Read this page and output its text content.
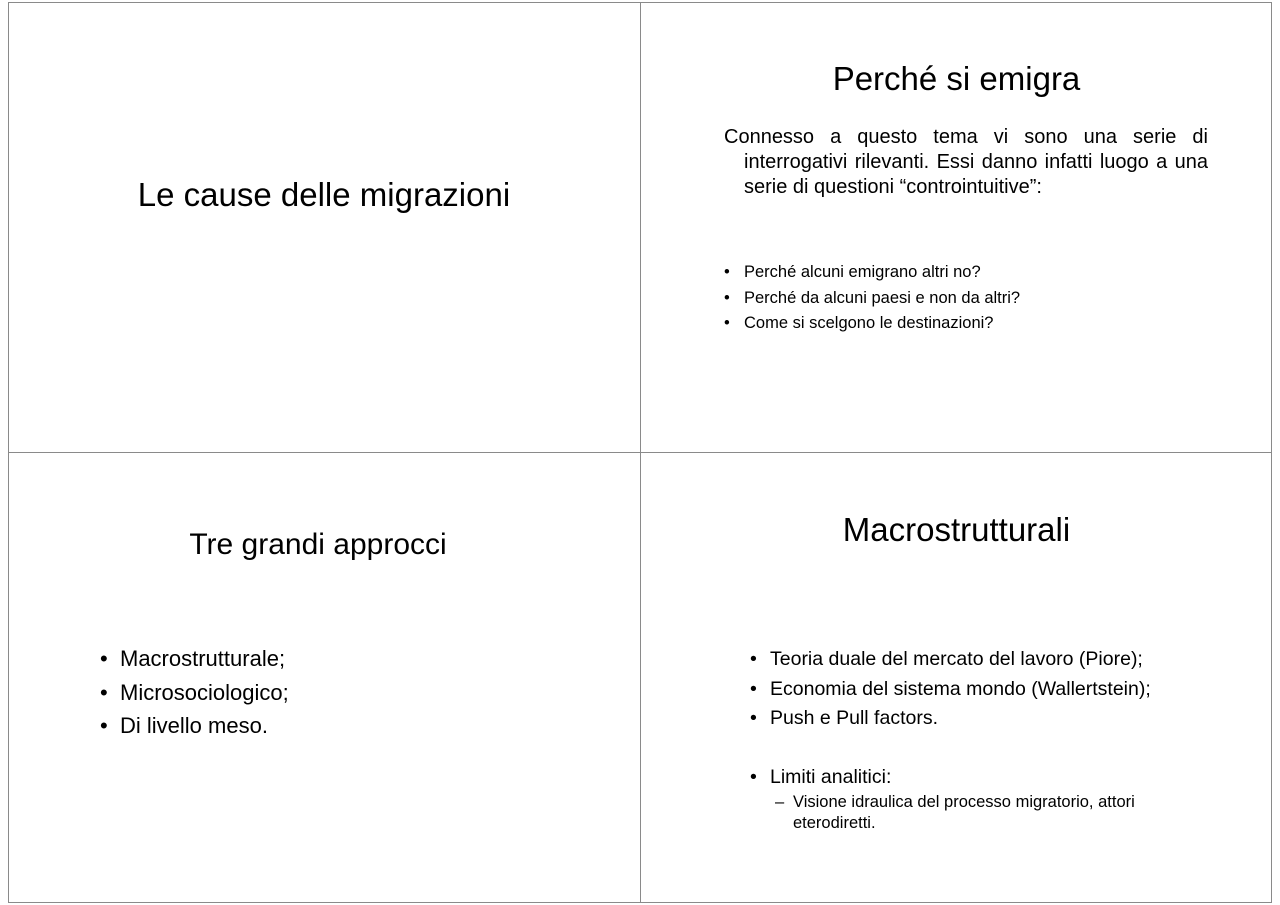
Le cause delle migrazioni
Perché si emigra
Connesso a questo tema vi sono una serie di interrogativi rilevanti. Essi danno infatti luogo a una serie di questioni “controintuitive”:
• Perché alcuni emigrano altri no?
• Perché da alcuni paesi e non da altri?
• Come si scelgono le destinazioni?
Tre grandi approcci
• Macrostrutturale;
• Microsociologico;
• Di livello meso.
Macrostrutturali
• Teoria duale del mercato del lavoro (Piore);
• Economia del sistema mondo (Wallertstein);
• Push e Pull factors.
• Limiti analitici:
– Visione idraulica del processo migratorio, attori eterodiretti.
